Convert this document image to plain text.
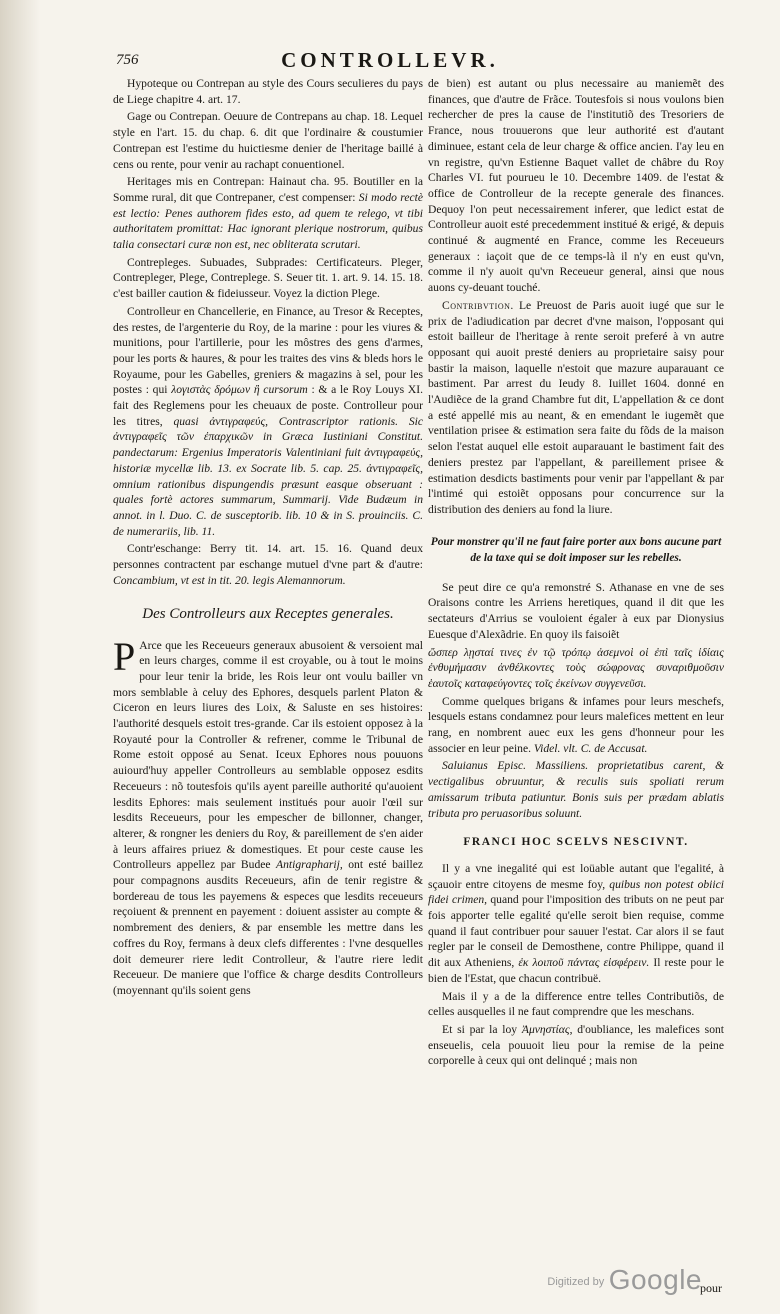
756	CONTROLLEVR.

Hypoteque ou Contrepan au style des Cours seculieres du pays de Liege chapitre 4. art. 17.

Gage ou Contrepan. Oeuure de Contrepans au chap. 18. Lequel style en l'art. 15. du chap. 6. dit que l'ordinaire & coustumier Contrepan est l'estime du huictiesme denier de l'heritage baillé à cens ou rente, pour venir au rachapt conuentionel.

Heritages mis en Contrepan: Hainaut cha. 95. Boutiller en la Somme rural, dit que Contrepaner, c'est compenser: Si modo rectè est lectio: Penes authorem fides esto, ad quem te relego, vt tibi authoritatem promittat: Hac ignorant plerique nostrorum, quibus talia consectari curæ non est, nec obliterata scrutari.

Contrepleges. Subuades, Subprades: Certificateurs. Pleger, Contrepleger, Plege, Contreplege. S. Seuer tit. 1. art. 9. 14. 15. 18. c'est bailler caution & fideiusseur. Voyez la diction Plege.

Controlleur en Chancellerie, en Finance, au Tresor & Receptes, des restes, de l'argenterie du Roy, de la marine : pour les viures & munitions, pour l'artillerie, pour les môstres des gens d'armes, pour les ports & haures, & pour les traites des vins & bleds hors le Royaume, pour les Gabelles, greniers & magazins à sel, pour les postes : qui λογιστὰς δρόμων ἢ cursorum : & a le Roy Louys XI. fait des Reglemens pour les cheuaux de poste. Controlleur pour les titres, quasi ἀντιγραφεύς, Contrascriptor rationis. Sic ἀντιγραφεῖς τῶν ἐπαρχικῶν in Græca Iustiniani Constitut. pandectarum: Ergenius Imperatoris Valentiniani fuit ἀντιγραφεύς, historiæ mycellæ lib. 13. ex Socrate lib. 5. cap. 25. ἀντιγραφεῖς, omnium rationibus dispungendis præsunt easque obseruant : quales fortè actores summarum, Summarij. Vide Budæum in annot. in l. Duo. C. de susceptorib. lib. 10 & in S. prouinciis. C. de numerariis, lib. 11.

Contr'eschange: Berry tit. 14. art. 15. 16. Quand deux personnes contractent par eschange mutuel d'vne part & d'autre: Concambium, vt est in tit. 20. legis Alemannorum.

Des Controlleurs aux Receptes generales.

P Arce que les Receueurs generaux abusoient & versoient mal en leurs charges, comme il est croyable, ou à tout le moins pour leur tenir la bride, les Rois leur ont voulu bailler vn mors semblable à celuy des Ephores, desquels parlent Platon & Ciceron en leurs liures des Loix, & Saluste en ses histoires: l'authorité desquels estoit tres-grande. Car ils estoient opposez à la Royauté pour la Controller & refrener, comme le Tribunal de Rome estoit opposé au Senat. Iceux Ephores nous pouuons auiourd'huy appeller Controlleurs au semblable opposez esdits Receueurs : nõ toutesfois qu'ils ayent pareille authorité qu'auoient lesdits Ephores: mais seulement institués pour auoir l'œil sur lesdits Receueurs, pour les empescher de billonner, changer, alterer, & rongner les deniers du Roy, & pareillement de s'en aider à leurs affaires priuez & domestiques. Et pour ceste cause les Controlleurs appellez par Budee Antigrapharij, ont esté baillez pour compagnons ausdits Receueurs, afin de tenir registre & bordereau de tous les payemens & especes que lesdits receueurs reçoiuent & prennent en payement : doiuent assister au compte & nombrement des deniers, & par ensemble les mettre dans les coffres du Roy, fermans à deux clefs differentes : l'vne desquelles doit demeurer riere ledit Controlleur, & l'autre riere ledit Receueur. De maniere que l'office & charge desdits Controlleurs (moyennant qu'ils soient gens

de bien) est autant ou plus necessaire au maniemẽt des finances, que d'autre de Frãce. Toutesfois si nous voulons bien rechercher de pres la cause de l'institutiõ des Tresoriers de France, nous trouuerons que leur authorité est d'autant diminuee, estant cela de leur charge & office ancien. I'ay leu en vn registre, qu'vn Estienne Baquet vallet de châbre du Roy Charles VI. fut pourueu le 10. Decembre 1409. de l'estat & office de Controlleur de la recepte generale des finances. Dequoy l'on peut necessairement inferer, que ledict estat de Controlleur auoit esté precedemment institué & erigé, & depuis continué & augmenté en France, comme les Receueurs generaux : iaçoit que de ce temps-là il n'y en eust qu'vn, comme il n'y auoit qu'vn Receueur general, ainsi que nous auons cy-deuant touché.

Contribvtion. Le Preuost de Paris auoit iugé que sur le prix de l'adiudication par decret d'vne maison, l'opposant qui estoit bailleur de l'heritage à rente seroit preferé à vn autre opposant qui auoit presté deniers au proprietaire saisy pour bastir la maison, laquelle n'estoit que mazure auparauant ce bastiment. Par arrest du Ieudy 8. Iuillet 1604. donné en l'Audiẽce de la grand Chambre fut dit, L'appellation & ce dont a esté appellé mis au neant, & en emendant le iugemẽt que ventilation prisee & estimation sera faite du fõds de la maison selon l'estat auquel elle estoit auparauant le bastiment fait des deniers prestez par l'appellant, & pareillement prisee & estimation desdicts bastiments pour venir par l'appellant & par l'intimé qui estoiẽt opposans pour concurrence sur la distribution des deniers au fond la liure.

Pour monstrer qu'il ne faut faire porter aux bons aucune part de la taxe qui se doit imposer sur les rebelles.

Se peut dire ce qu'a remonstré S. Athanase en vne de ses Oraisons contre les Arriens heretiques, quand il dit que les sectateurs d'Arrius se vouloient égaler à eux par Dionysius Euesque d'Alexãdrie. En quoy ils faisoiẽt

ὥσπερ λῃσταί τινες ἐν τῷ τρόπῳ ἀσεμνοὶ οἱ ἐπὶ ταῖς ἰδίαις ἐνθυμήμασιν ἀνθέλκοντες τοὺς σώφρονας συναριθμοῦσιν ἑαυτοῖς καταφεύγοντες τοῖς ἐκείνων συγγενεῦσι.

Comme quelques brigans & infames pour leurs meschefs, lesquels estans condamnez pour leurs malefices mettent en leur rang, en nombrent auec eux les gens d'honneur pour les associer en leur peine. Videl. vlt. C. de Accusat.

Saluianus Episc. Massiliens. proprietatibus carent, & vectigalibus obruuntur, & reculis suis spoliati rerum amissarum tributa patiuntur. Bonis suis per prædam ablatis tributa pro peruasoribus soluunt.

FRANCI HOC SCELVS NESCIVNT.

Il y a vne inegalité qui est loüable autant que l'egalité, à sçauoir entre citoyens de mesme foy, quibus non potest obiici fidei crimen, quand pour l'imposition des tributs on ne peut par fois apporter telle egalité qu'elle seroit bien requise, comme quand il faut contribuer pour sauuer l'estat. Car alors il se faut regler par le conseil de Demosthene, contre Philippe, quand il dit aux Atheniens, ἐκ λοιποῦ πάντας εἰσφέρειν. Il reste pour le bien de l'Estat, que chacun contribuë.

Mais il y a de la difference entre telles Contributiõs, de celles ausquelles il ne faut comprendre que les meschans.

Et si par la loy Ἀμνηστίας, d'oubliance, les malefices sont enseuelis, cela pouuoit lieu pour la remise de la peine corporelle à ceux qui ont delinqué ; mais non

pour
$^{Digitized by}$ Google
